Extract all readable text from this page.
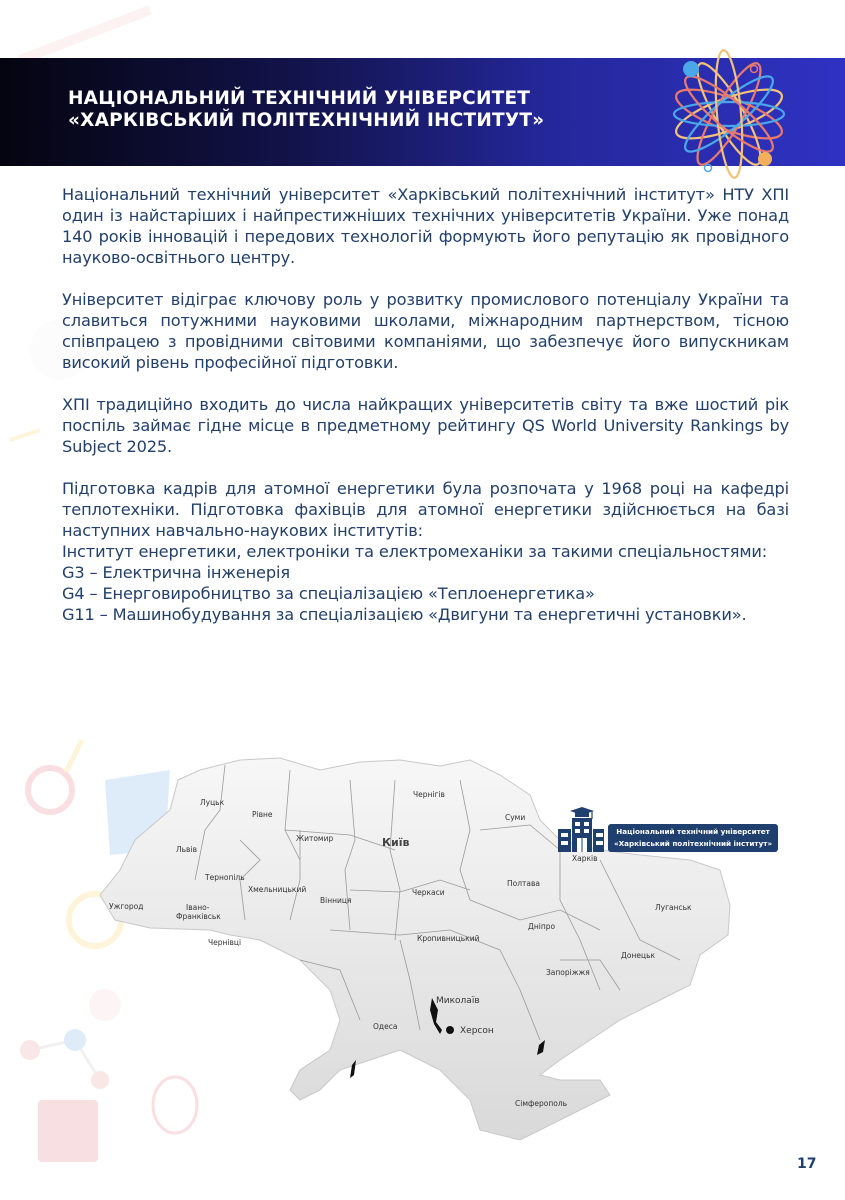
НАЦІОНАЛЬНИЙ ТЕХНІЧНИЙ УНІВЕРСИТЕТ
«ХАРКІВСЬКИЙ ПОЛІТЕХНІЧНИЙ ІНСТИТУТ»

Національний технічний університет «Харківський політехнічний інститут» НТУ ХПІ один із найстаріших і найпрестижніших технічних університетів України. Уже понад 140 років інновацій і передових технологій формують його репутацію як провідного науково-освітнього центру.

Університет відіграє ключову роль у розвитку промислового потенціалу України та славиться потужними науковими школами, міжнародним партнерством, тісною співпрацею з провідними світовими компаніями, що забезпечує його випускникам високий рівень професійної підготовки.

ХПІ традиційно входить до числа найкращих університетів світу та вже шостий рік поспіль займає гідне місце в предметному рейтингу QS World University Rankings by Subject 2025.

Підготовка кадрів для атомної енергетики була розпочата у 1968 році на кафедрі теплотехніки. Підготовка фахівців для атомної енергетики здійснюється на базі наступних навчально-наукових інститутів:
Інститут енергетики, електроніки та електромеханіки за такими спеціальностями:
G3 – Електрична інженерія
G4 – Енерговиробництво за спеціалізацією «Теплоенергетика»
G11 – Машинобудування за спеціалізацією «Двигуни та енергетичні установки».

Луцьк
Рівне
Львів
Житомир	Київ
Чернігів
Суми
Харків
Тернопіль
Хмельницький
Вінниця
Черкаси
Полтава
Луганськ
Ужгород	Івано-
Франківськ
Чернівці	Кропивницький
Дніпро
Донецьк
Запоріжжя
Миколаїв
Одеса	Херсон
Сімферополь
Національний технічний університет
«Харківський політехнічний інститут»
17
